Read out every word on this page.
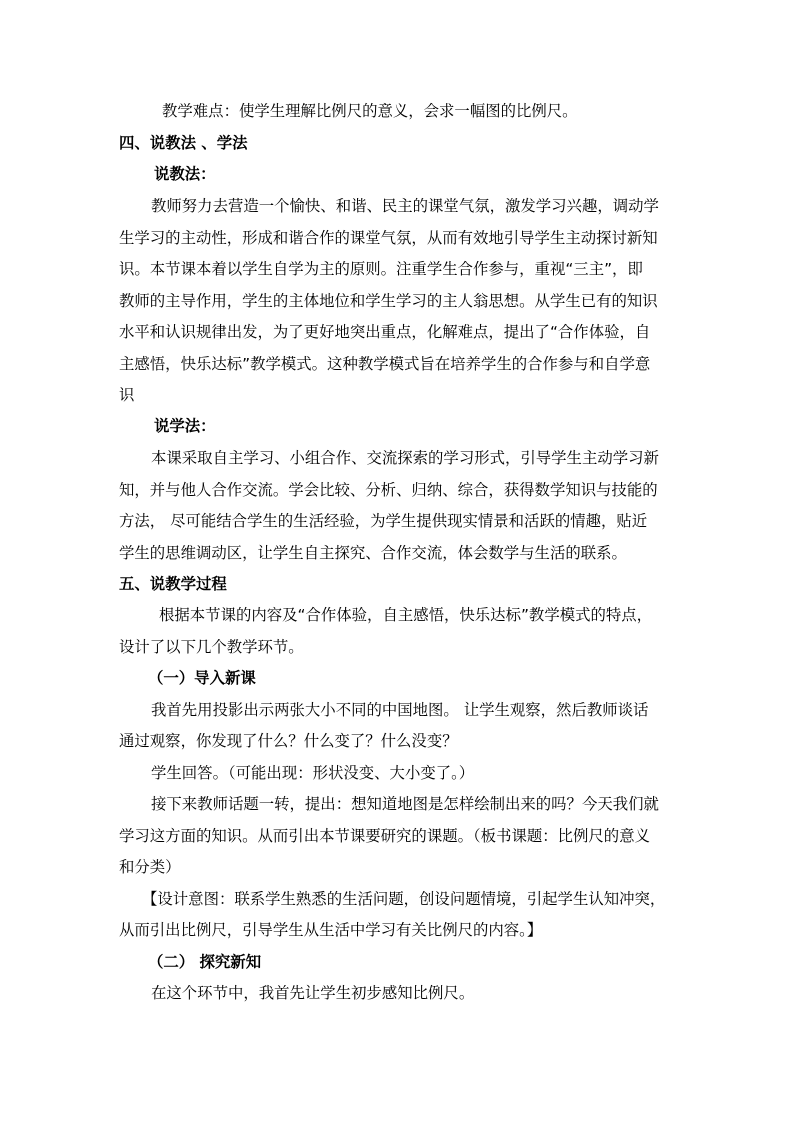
教学难点：使学生理解比例尺的意义，会求一幅图的比例尺。
四、说教法 、学法
说教法：
教师努力去营造一个愉快、和谐、民主的课堂气氛，激发学习兴趣，调动学
生学习的主动性，形成和谐合作的课堂气氛，从而有效地引导学生主动探讨新知
识。本节课本着以学生自学为主的原则。注重学生合作参与，重视“三主”，即
教师的主导作用，学生的主体地位和学生学习的主人翁思想。从学生已有的知识
水平和认识规律出发，为了更好地突出重点，化解难点，提出了“合作体验，自
主感悟，快乐达标”教学模式。这种教学模式旨在培养学生的合作参与和自学意
识
说学法：
本课采取自主学习、小组合作、交流探索的学习形式，引导学生主动学习新
知，并与他人合作交流。学会比较、分析、归纳、综合，获得数学知识与技能的
方法， 尽可能结合学生的生活经验，为学生提供现实情景和活跃的情趣，贴近
学生的思维调动区，让学生自主探究、合作交流，体会数学与生活的联系。
五、说教学过程
根据本节课的内容及“合作体验，自主感悟，快乐达标”教学模式的特点，
设计了以下几个教学环节。
（一）导入新课
我首先用投影出示两张大小不同的中国地图。 让学生观察，然后教师谈话
通过观察，你发现了什么？什么变了？什么没变？
学生回答。（可能出现：形状没变、大小变了。）
接下来教师话题一转，提出：想知道地图是怎样绘制出来的吗？今天我们就
学习这方面的知识。从而引出本节课要研究的课题。（板书课题：比例尺的意义
和分类）
【设计意图：联系学生熟悉的生活问题，创设问题情境，引起学生认知冲突，
从而引出比例尺，引导学生从生活中学习有关比例尺的内容。】
（二） 探究新知
在这个环节中，我首先让学生初步感知比例尺。
